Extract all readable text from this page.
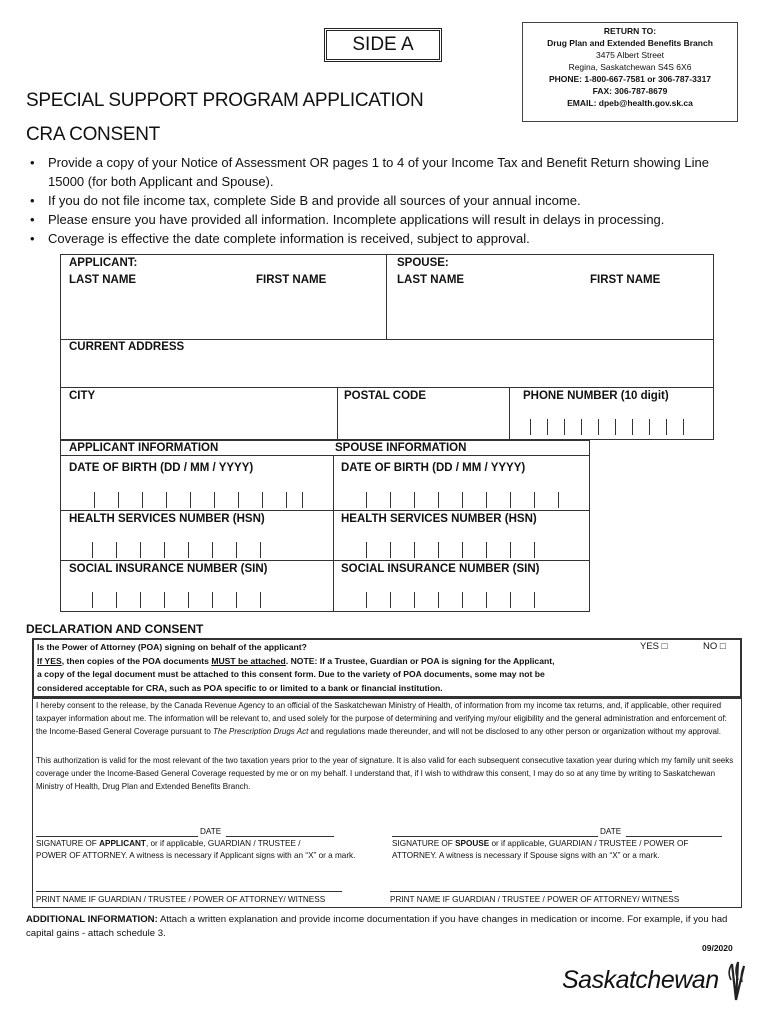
SIDE A
RETURN TO:
Drug Plan and Extended Benefits Branch
3475 Albert Street
Regina, Saskatchewan S4S 6X6
PHONE: 1-800-667-7581 or 306-787-3317
FAX: 306-787-8679
EMAIL: dpeb@health.gov.sk.ca
SPECIAL SUPPORT PROGRAM APPLICATION
CRA CONSENT
• Provide a copy of your Notice of Assessment OR pages 1 to 4 of your Income Tax and Benefit Return showing Line 15000 (for both Applicant and Spouse).
• If you do not file income tax, complete Side B and provide all sources of your annual income.
• Please ensure you have provided all information. Incomplete applications will result in delays in processing.
• Coverage is effective the date complete information is received, subject to approval.
APPLICANT:	SPOUSE:
LAST NAME	FIRST NAME	LAST NAME	FIRST NAME
CURRENT ADDRESS
CITY	POSTAL CODE	PHONE NUMBER (10 digit)
APPLICANT INFORMATION	SPOUSE INFORMATION
DATE OF BIRTH (DD / MM / YYYY)	DATE OF BIRTH (DD / MM / YYYY)
HEALTH SERVICES NUMBER (HSN)	HEALTH SERVICES NUMBER (HSN)
SOCIAL INSURANCE NUMBER (SIN)	SOCIAL INSURANCE NUMBER (SIN)
DECLARATION AND CONSENT
Is the Power of Attorney (POA) signing on behalf of the applicant?
If YES, then copies of the POA documents MUST be attached. NOTE: If a Trustee, Guardian or POA is signing for the Applicant,
a copy of the legal document must be attached to this consent form. Due to the variety of POA documents, some may not be
considered acceptable for CRA, such as POA specific to or limited to a bank or financial institution.
YES □	NO □
I hereby consent to the release, by the Canada Revenue Agency to an official of the Saskatchewan Ministry of Health, of information from my income tax returns, and, if applicable, other required taxpayer information about me. The information will be relevant to, and used solely for the purpose of determining and verifying my/our eligibility and the general administration and enforcement of: the Income-Based General Coverage pursuant to The Prescription Drugs Act and regulations made thereunder, and will not be disclosed to any other person or organization without my approval.
This authorization is valid for the most relevant of the two taxation years prior to the year of signature. It is also valid for each subsequent consecutive taxation year during which my family unit seeks coverage under the Income-Based General Coverage requested by me or on my behalf. I understand that, if I wish to withdraw this consent, I may do so at any time by writing to Saskatchewan Ministry of Health, Drug Plan and Extended Benefits Branch.
DATE
SIGNATURE OF APPLICANT, or if applicable, GUARDIAN / TRUSTEE /
POWER OF ATTORNEY. A witness is necessary if Applicant signs with an “X” or a mark.
DATE
SIGNATURE OF SPOUSE or if applicable, GUARDIAN / TRUSTEE / POWER OF
ATTORNEY. A witness is necessary if Spouse signs with an “X” or a mark.
PRINT NAME IF GUARDIAN / TRUSTEE / POWER OF ATTORNEY/ WITNESS	PRINT NAME IF GUARDIAN / TRUSTEE / POWER OF ATTORNEY/ WITNESS
ADDITIONAL INFORMATION: Attach a written explanation and provide income documentation if you have changes in medication or income. For example, if you had capital gains - attach schedule 3.
09/2020
Saskatchewan
